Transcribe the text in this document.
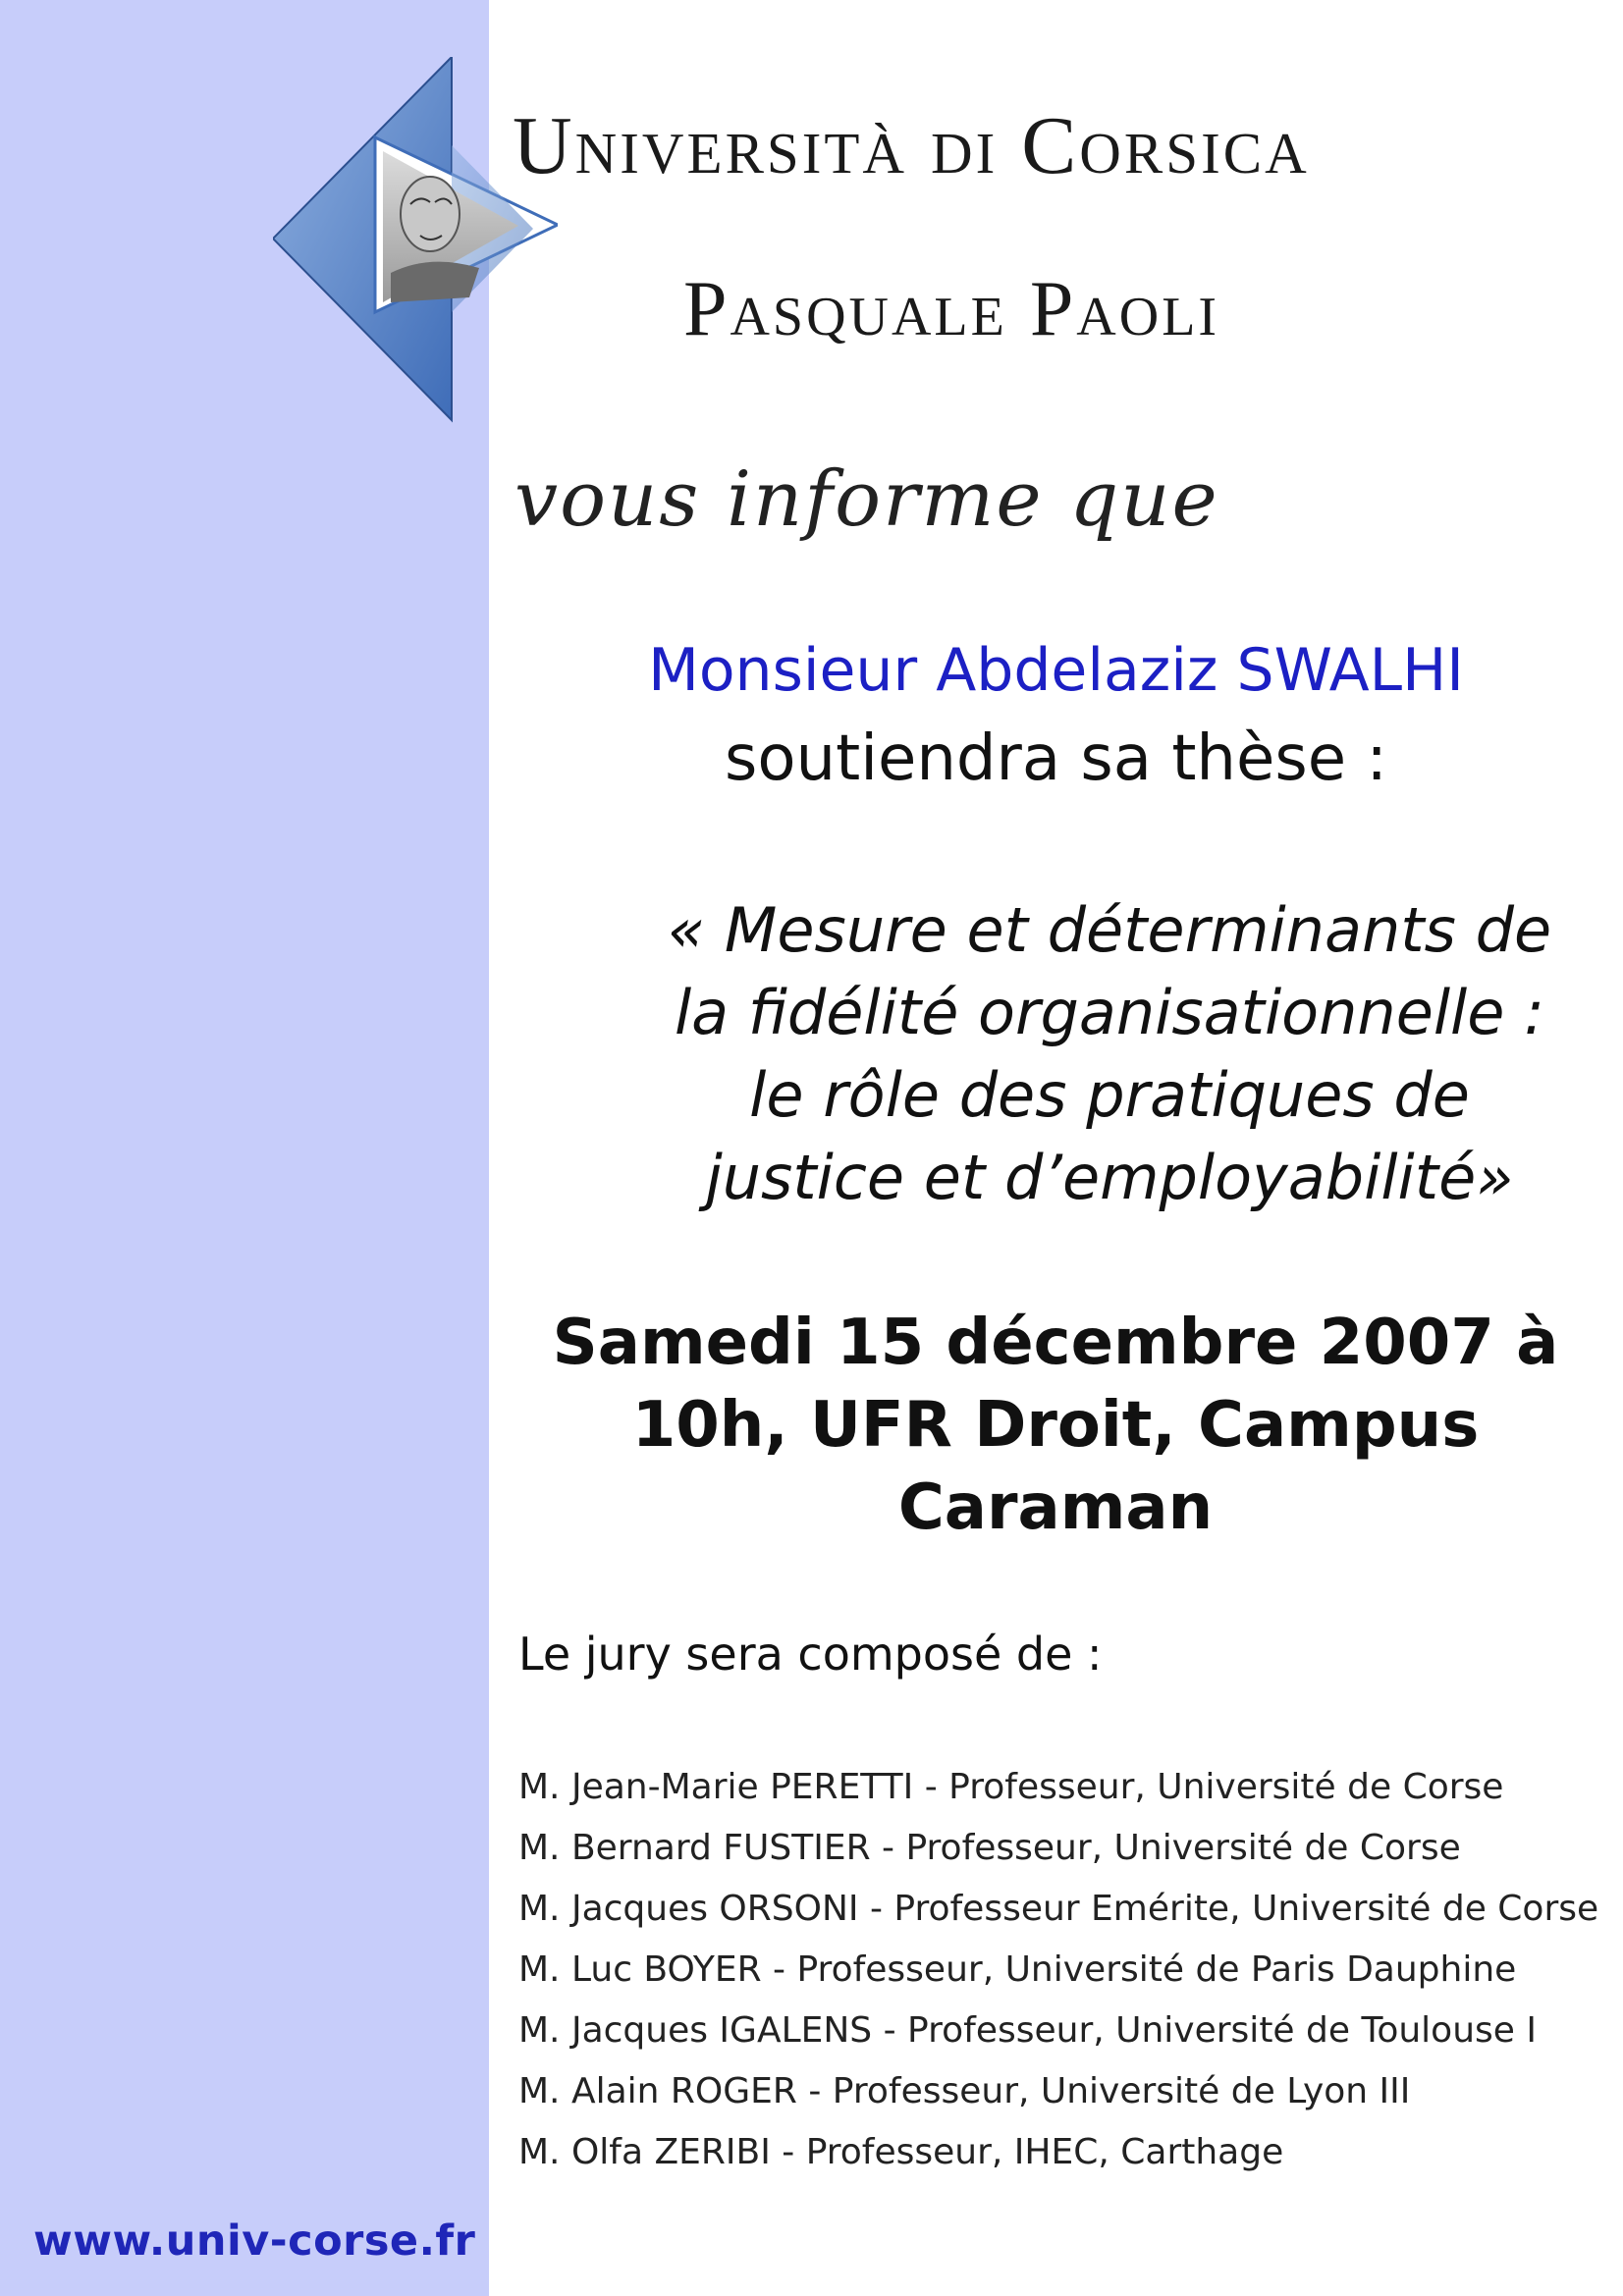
www.univ-corse.fr
Università di Corsica
Pasquale Paoli
vous informe que
Monsieur Abdelaziz SWALHI
soutiendra sa thèse :
« Mesure et déterminants de
la fidélité organisationnelle :
le rôle des pratiques de
justice et d’employabilité»
Samedi 15 décembre 2007 à
10h, UFR Droit, Campus
Caraman
Le jury sera composé de :
M. Jean-Marie PERETTI - Professeur, Université de Corse
M. Bernard FUSTIER - Professeur, Université de Corse
M. Jacques ORSONI - Professeur Emérite, Université de Corse
M. Luc BOYER - Professeur, Université de Paris Dauphine
M. Jacques IGALENS - Professeur, Université de Toulouse I
M. Alain ROGER - Professeur, Université de Lyon III
M. Olfa ZERIBI - Professeur, IHEC, Carthage
